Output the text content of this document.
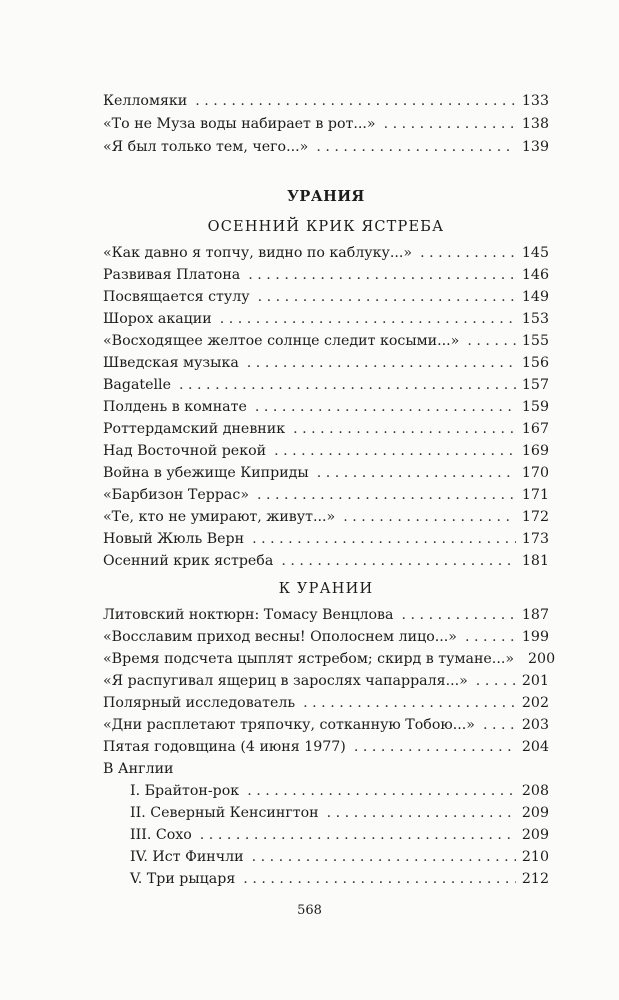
Келломяки . . .	133
«То не Муза воды набирает в рот...» . . .	138
«Я был только тем, чего...» . . .	139
УРАНИЯ
ОСЕННИЙ КРИК ЯСТРЕБА
«Как давно я топчу, видно по каблуку...» . . .	145
Развивая Платона . . .	146
Посвящается стулу . . .	149
Шорох акации . . .	153
«Восходящее желтое солнце следит косыми...» . . .	155
Шведская музыка . . .	156
Bagatelle . . .	157
Полдень в комнате . . .	159
Роттердамский дневник . . .	167
Над Восточной рекой . . .	169
Война в убежище Киприды . . .	170
«Барбизон Террас» . . .	171
«Те, кто не умирают, живут...» . . .	172
Новый Жюль Верн . . .	173
Осенний крик ястреба . . .	181
К УРАНИИ
Литовский ноктюрн: Томасу Венцлова . . .	187
«Восславим приход весны! Ополоснем лицо...» . . .	199
«Время подсчета цыплят ястребом; скирд в тумане...» 200
«Я распугивал ящериц в зарослях чапарраля...» . . .	201
Полярный исследователь . . .	202
«Дни расплетают тряпочку, сотканную Тобою...» . . .	203
Пятая годовщина (4 июня 1977) . . .	204
В Англии
I. Брайтон-рок . . .	208
II. Северный Кенсингтон . . .	209
III. Сохо . . .	209
IV. Ист Финчли . . .	210
V. Три рыцаря . . .	212
568
